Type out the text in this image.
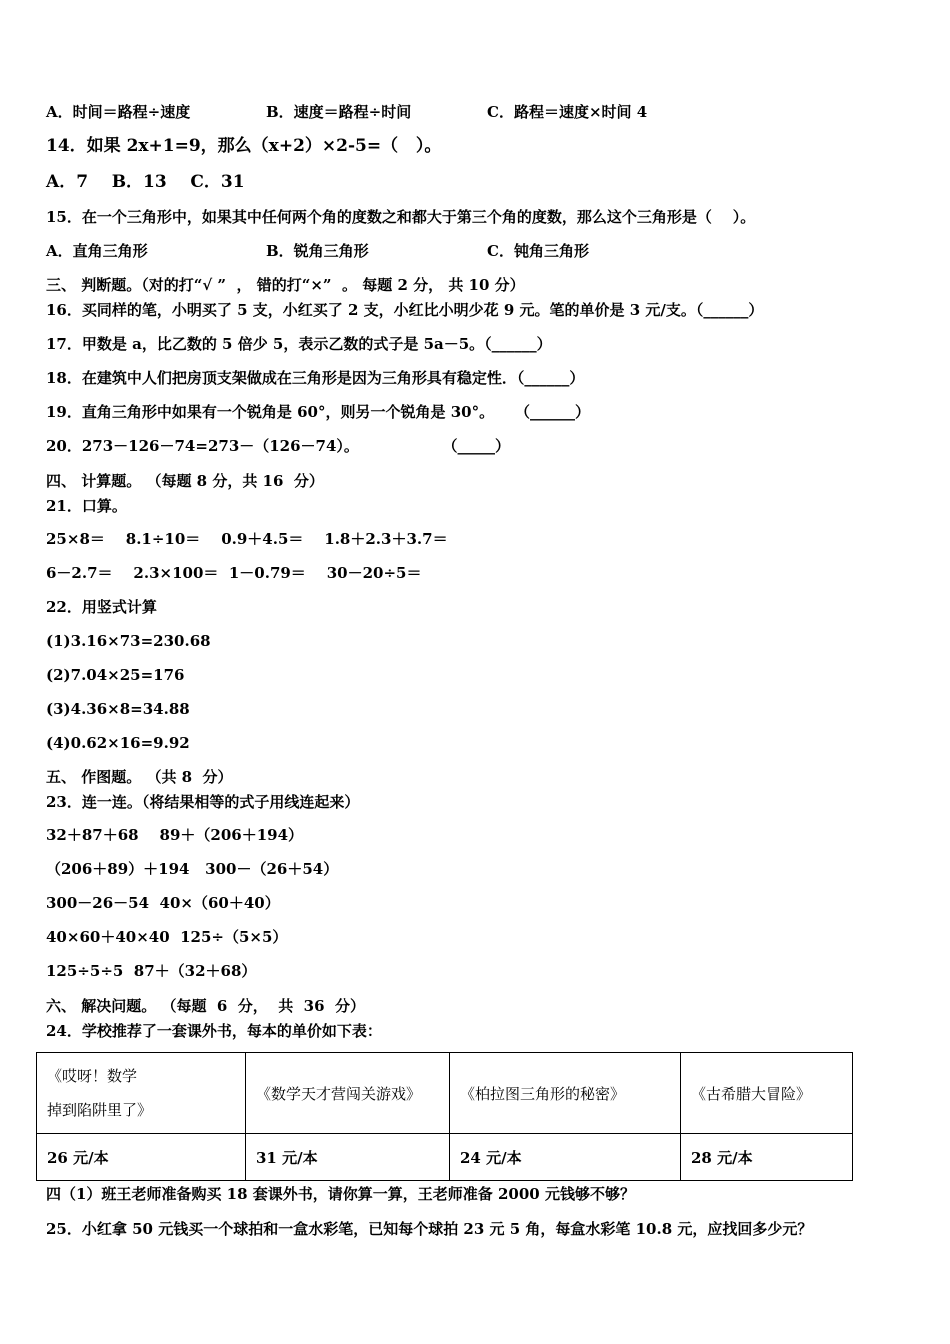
A．时间＝路程÷速度	B．速度＝路程÷时间	C．路程＝速度×时间 4
14．如果 2x+1=9，那么（x+2）×2-5=（   ）。
A．7    B．13    C．31
15．在一个三角形中，如果其中任何两个角的度数之和都大于第三个角的度数，那么这个三角形是（    ）。
A．直角三角形	B．锐角三角形	C．钝角三角形
三、 判断题。（对的打“√ ”  ， 错的打“×”  。 每题 2 分， 共 10 分）
16．买同样的笔，小明买了 5 支，小红买了 2 支，小红比小明少花 9 元。笔的单价是 3 元/支。（______）
17．甲数是 a，比乙数的 5 倍少 5，表示乙数的式子是 5a－5。（______）
18．在建筑中人们把房顶支架做成在三角形是因为三角形具有稳定性．（______）
19．直角三角形中如果有一个锐角是 60°，则另一个锐角是 30°。    （______）
20．273－126－74=273－（126－74）。                （_____）
四、 计算题。 （每题 8 分，共 16  分）
21．口算。
25×8＝    8.1÷10＝    0.9＋4.5＝    1.8＋2.3＋3.7＝
6－2.7＝    2.3×100＝  1－0.79＝    30－20÷5＝
22．用竖式计算
(1)3.16×73=230.68
(2)7.04×25=176
(3)4.36×8=34.88
(4)0.62×16=9.92
五、 作图题。 （共 8  分）
23．连一连。（将结果相等的式子用线连起来）
32＋87＋68    89＋（206＋194）
（206＋89）＋194   300－（26＋54）
300－26－54  40×（60＋40）
40×60＋40×40  125÷（5×5）
125÷5÷5  87＋（32＋68）
六、 解决问题。 （每题  6  分，  共  36  分）
24．学校推荐了一套课外书，每本的单价如下表：
《哎呀！数学
掉到陷阱里了》	《数学天才营闯关游戏》	《柏拉图三角形的秘密》	《古希腊大冒险》
26 元/本	31 元/本	24 元/本	28 元/本
四（1）班王老师准备购买 18 套课外书，请你算一算，王老师准备 2000 元钱够不够？
25．小红拿 50 元钱买一个球拍和一盒水彩笔，已知每个球拍 23 元 5 角，每盒水彩笔 10.8 元，应找回多少元？
